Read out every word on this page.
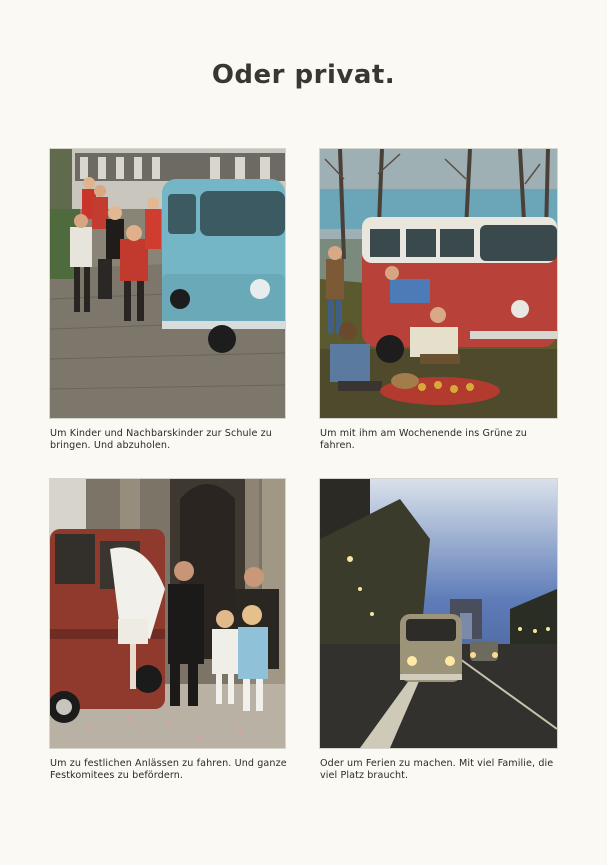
Oder privat.
Um Kinder und Nachbarskinder zur Schule zu bringen. Und abzuholen.
Um mit ihm am Wochenende ins Grüne zu fahren.
Um zu festlichen Anlässen zu fahren. Und ganze Festkomitees zu befördern.
Oder um Ferien zu machen. Mit viel Familie, die viel Platz braucht.
